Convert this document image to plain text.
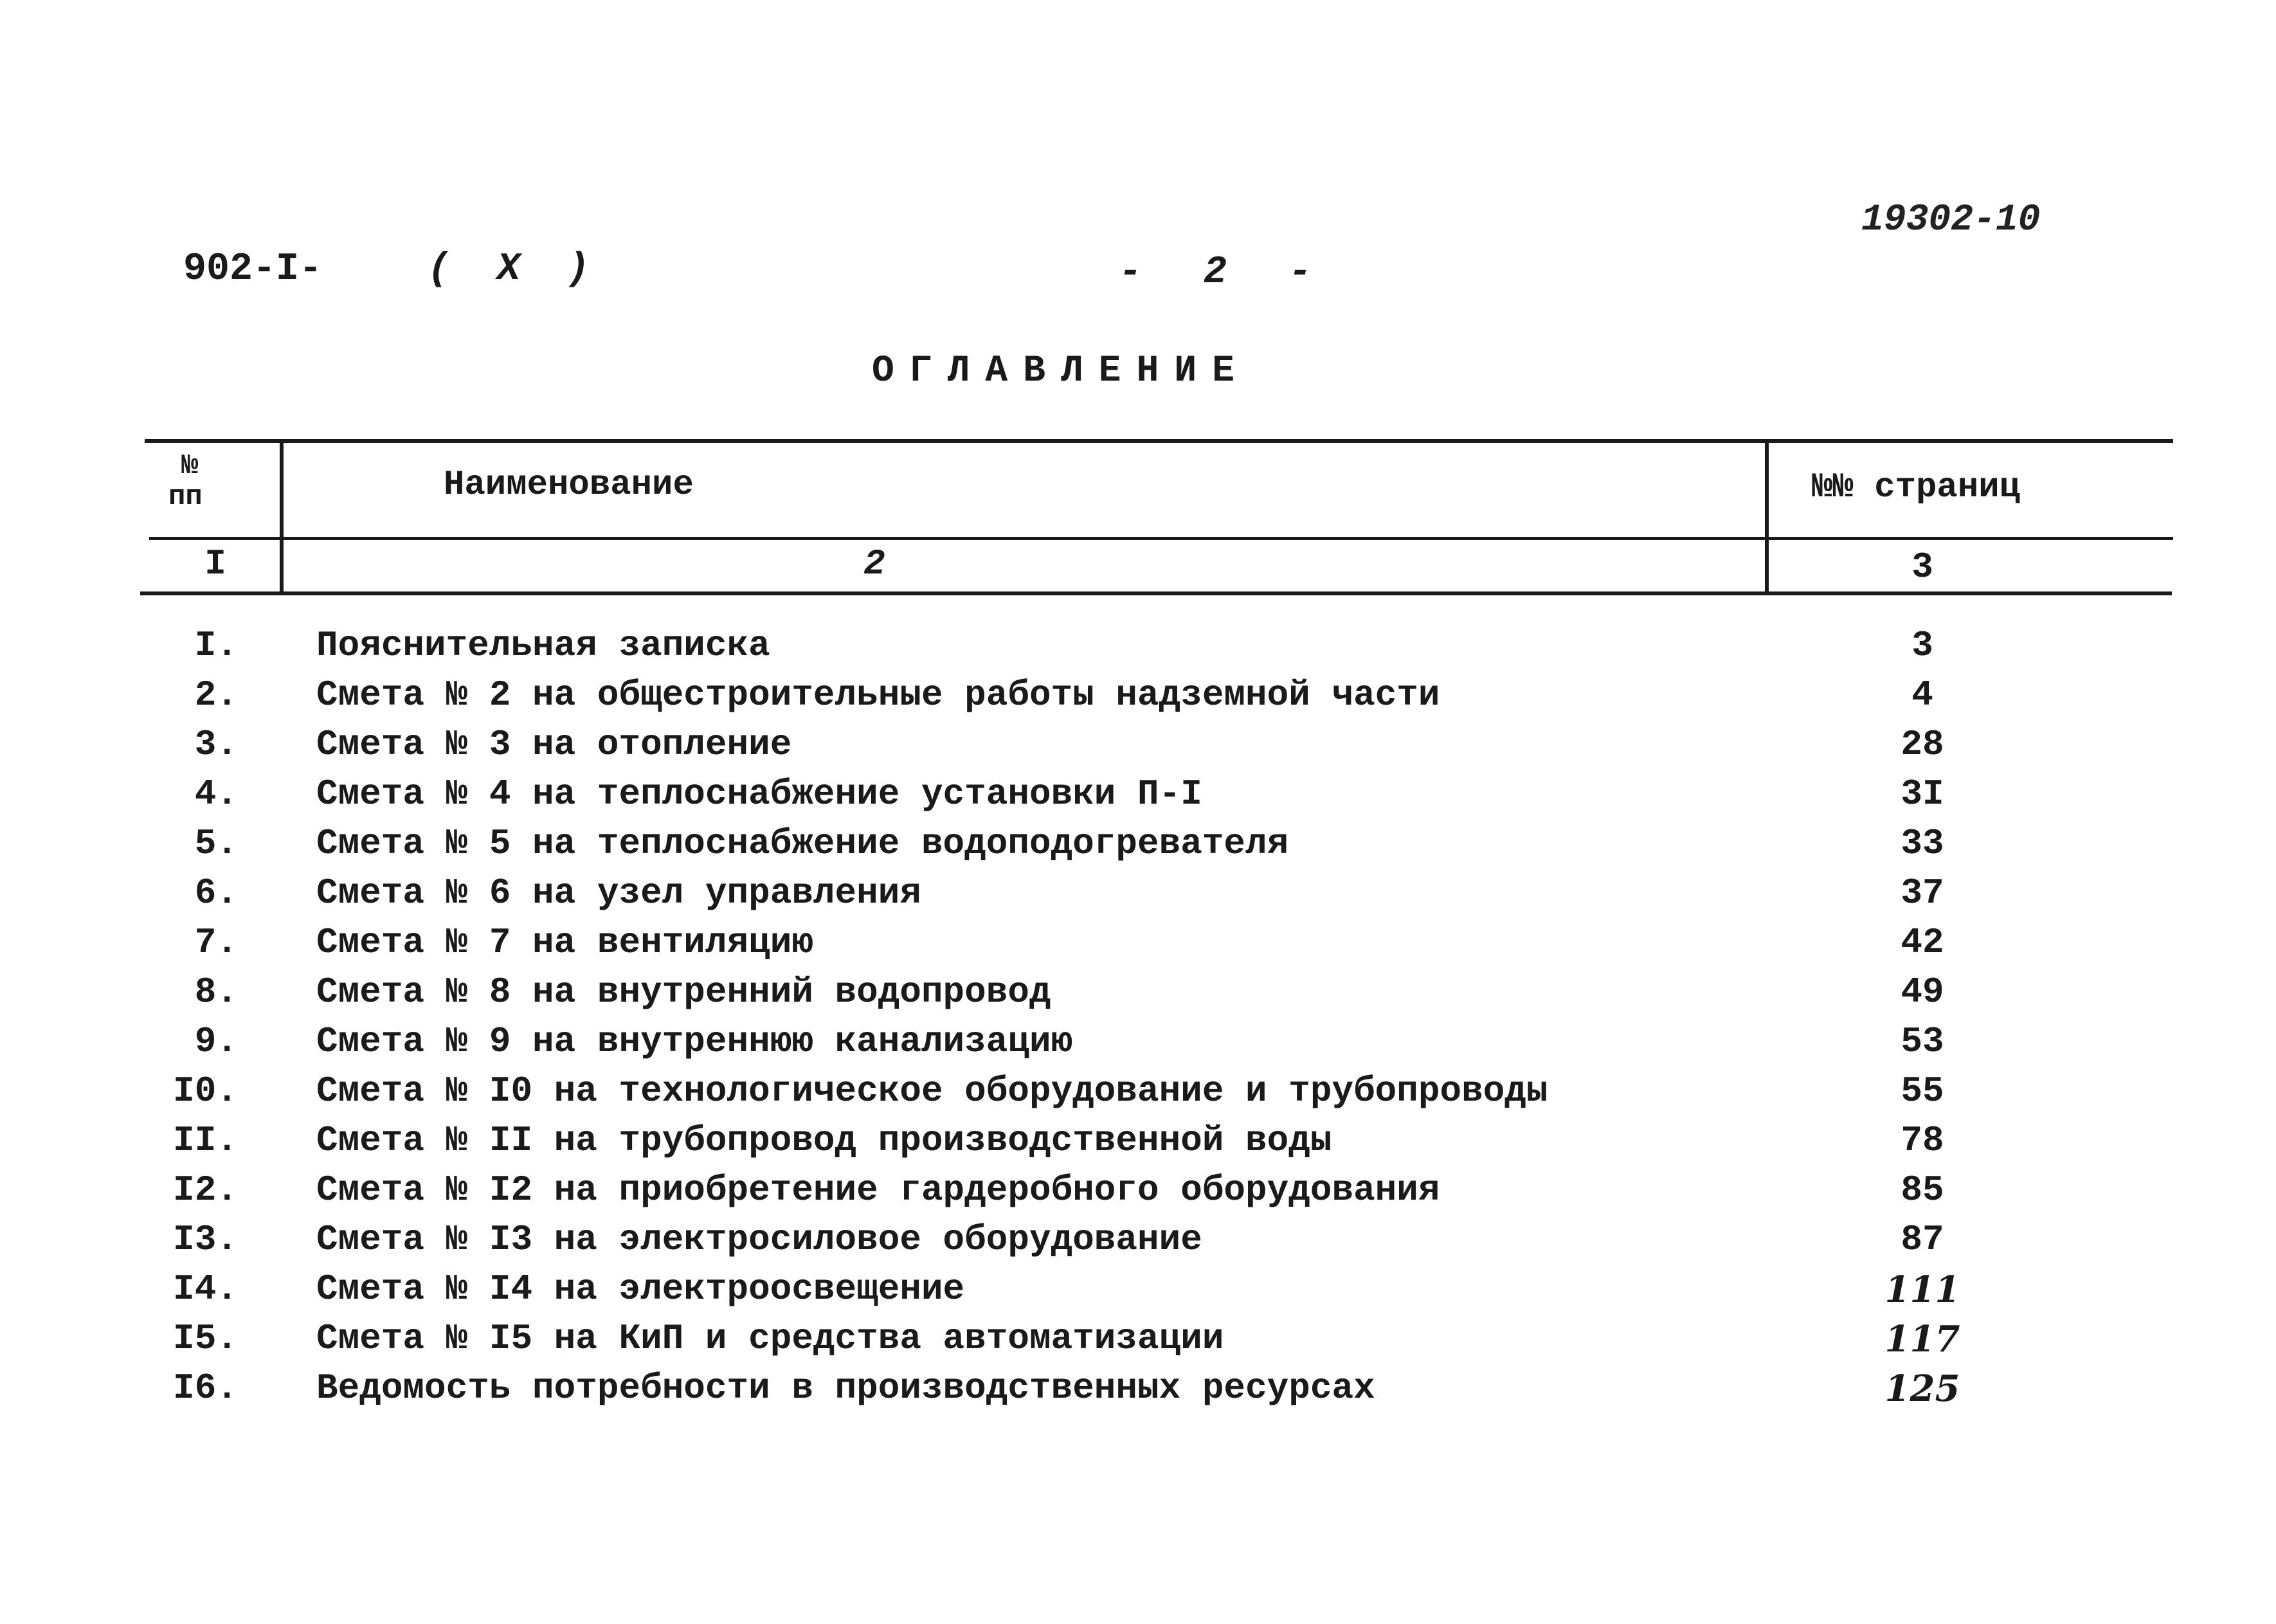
902-I-	( X )	- 2 -
19302-10
ОГЛАВЛЕНИЕ
№
пп	Наименование	№№ страниц
I	2	3
I. Пояснительная записка	3
2. Смета № 2 на общестроительные работы надземной части	4
3. Смета № 3 на отопление	28
4. Смета № 4 на теплоснабжение установки П-I	3I
5. Смета № 5 на теплоснабжение водоподогревателя	33
6. Смета № 6 на узел управления	37
7. Смета № 7 на вентиляцию	42
8. Смета № 8 на внутренний водопровод	49
9. Смета № 9 на внутреннюю канализацию	53
I0. Смета № I0 на технологическое оборудование и трубопроводы	55
II. Смета № II на трубопровод производственной воды	78
I2. Смета № I2 на приобретение гардеробного оборудования	85
I3. Смета № I3 на электросиловое оборудование	87
I4. Смета № I4 на электроосвещение	111
I5. Смета № I5 на КиП и средства автоматизации	117
I6. Ведомость потребности в производственных ресурсах	125
